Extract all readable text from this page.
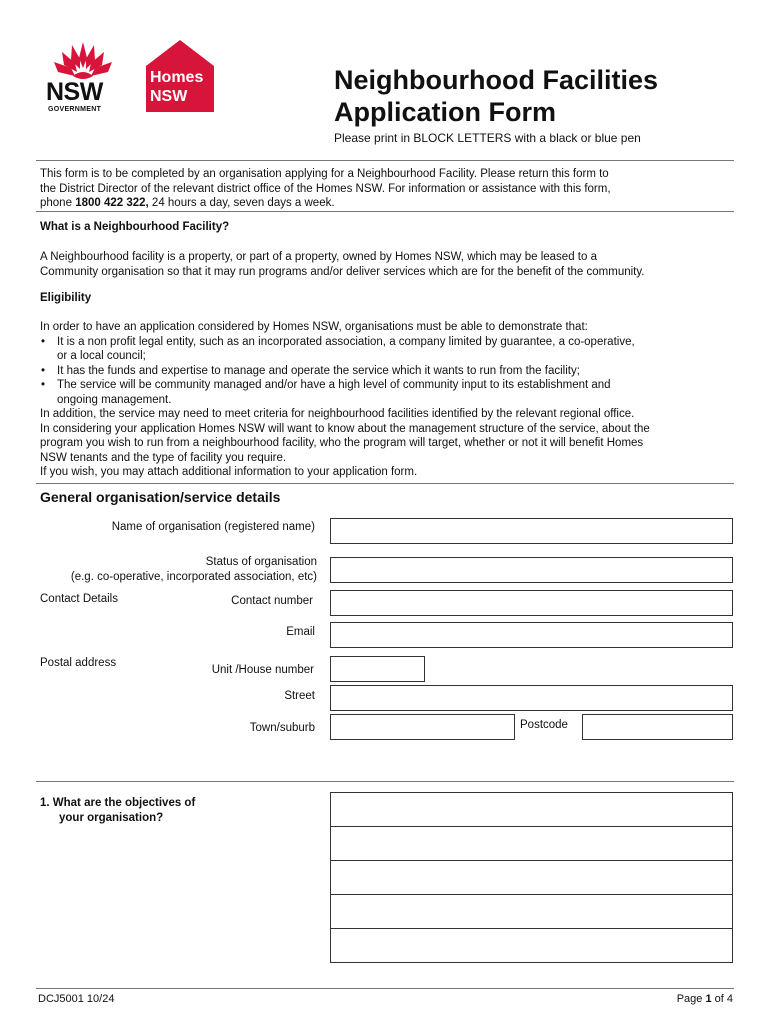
NSW
GOVERNMENT
Homes
NSW
Neighbourhood Facilities
Application Form
Please print in BLOCK LETTERS with a black or blue pen

This form is to be completed by an organisation applying for a Neighbourhood Facility. Please return this form to

the District Director of the relevant district office of the Homes NSW. For information or assistance with this form,

phone 1800 422 322, 24 hours a day, seven days a week.

What is a Neighbourhood Facility?

A Neighbourhood facility is a property, or part of a property, owned by Homes NSW, which may be leased to a

Community organisation so that it may run programs and/or deliver services which are for the benefit of the community.

Eligibility

In order to have an application considered by Homes NSW, organisations must be able to demonstrate that:

• It is a non profit legal entity, such as an incorporated association, a company limited by guarantee, a co-operative,
or a local council;
• It has the funds and expertise to manage and operate the service which it wants to run from the facility;
• The service will be community managed and/or have a high level of community input to its establishment and
ongoing management.

In addition, the service may need to meet criteria for neighbourhood facilities identified by the relevant regional office.

In considering your application Homes NSW will want to know about the management structure of the service, about the

program you wish to run from a neighbourhood facility, who the program will target, whether or not it will benefit Homes

NSW tenants and the type of facility you require.

If you wish, you may attach additional information to your application form.

General organisation/service details
Name of organisation (registered name)
Status of organisation
(e.g. co-operative, incorporated association, etc)
Contact Details	Contact number
Email
Postal address
Unit /House number
Street
Town/suburb	Postcode
1. What are the objectives of
your organisation?
DCJ5001 10/24	Page 1 of 4
